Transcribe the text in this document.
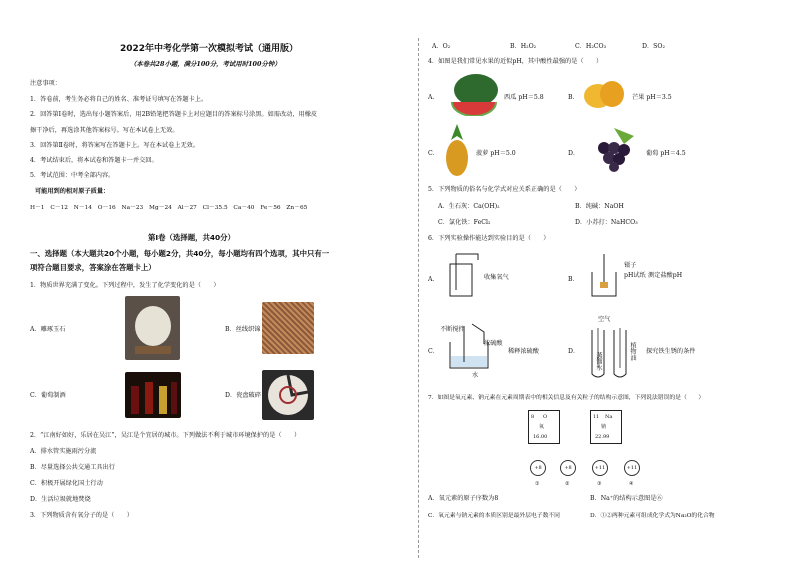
2022年中考化学第一次模拟考试（通用版）
（本卷共28小题，满分100分，考试用时100分钟）
注意事项：
1．答卷前，考生务必将自己的姓名、准考证号填写在答题卡上。
2．回答第Ⅰ卷时，选出每小题答案后，用2B铅笔把答题卡上对应题目的答案标号涂黑。如需改动，用橡皮
擦干净后，再选涂其他答案标号。写在本试卷上无效。
3．回答第Ⅱ卷时，将答案写在答题卡上。写在本试卷上无效。
4．考试结束后，将本试卷和答题卡一并交回。
5．考试范围：中考全部内容。
可能用到的相对原子质量：
H－1　C－12　N－14　O－16　Na－23　Mg－24　Al－27　Cl－35.5　Ca－40　Fe－56　Zn－65
第Ⅰ卷（选择题，共40分）
一、选择题（本大题共20个小题，每小题2分，共40分，每小题均有四个选项，其中只有一
项符合题目要求，答案涂在答题卡上）
1．物质世界充满了变化。下列过程中，发生了化学变化的是（　　）
A．雕琢玉石	B．丝线织锦
C．葡萄制酒	D．瓷盘破碎
2．“江南好如好，乐居在吴江”，吴江是个宜居的城市。下列做法不利于城市环境保护的是（　　）
A．排水管实施雨污分流
B．尽量选择公共交通工具出行
C．积极开展绿化国土行动
D．生活垃圾就地焚烧
3．下列物质含有氧分子的是（　　）
A．O₂	B．H₂O₂	C．H₂CO₃	D．SO₂
4．如图是我们常见水果的近似pH，其中酸性最强的是（　　）
A．	西瓜 pH＝5.8	B．	芒果 pH＝3.5
C．	菠萝 pH＝5.0	D．	葡萄 pH＝4.5
5．下列物质的俗名与化学式对应关系正确的是（　　）
A．生石灰：Ca(OH)₂	B．纯碱：NaOH
C．氯化铁：FeCl₂	D．小苏打：NaHCO₃
6．下列实验操作能达到实验目的是（　　）
A．	收集氧气	B．
镊子
pH试纸 测定盐酸pH
C．
不断搅拌
浓硫酸
水
稀释浓硫酸	D．
空气
蒸馏水
植物油 探究铁生锈的条件
7．如图是氧元素、钠元素在元素周期表中的相关信息及有关粒子的结构示意图，下列说法错误的是（　　）
8 O
氧
16.00
11 Na
钠
22.99
+8	+8	+11	+11
①	②	③	④
A．氧元素的原子序数为8	B．Na⁺的结构示意图是⑥
C．氧元素与钠元素的本质区别是最外层电子数不同	D．①②两种元素可组成化学式为Na₂O的化合物
